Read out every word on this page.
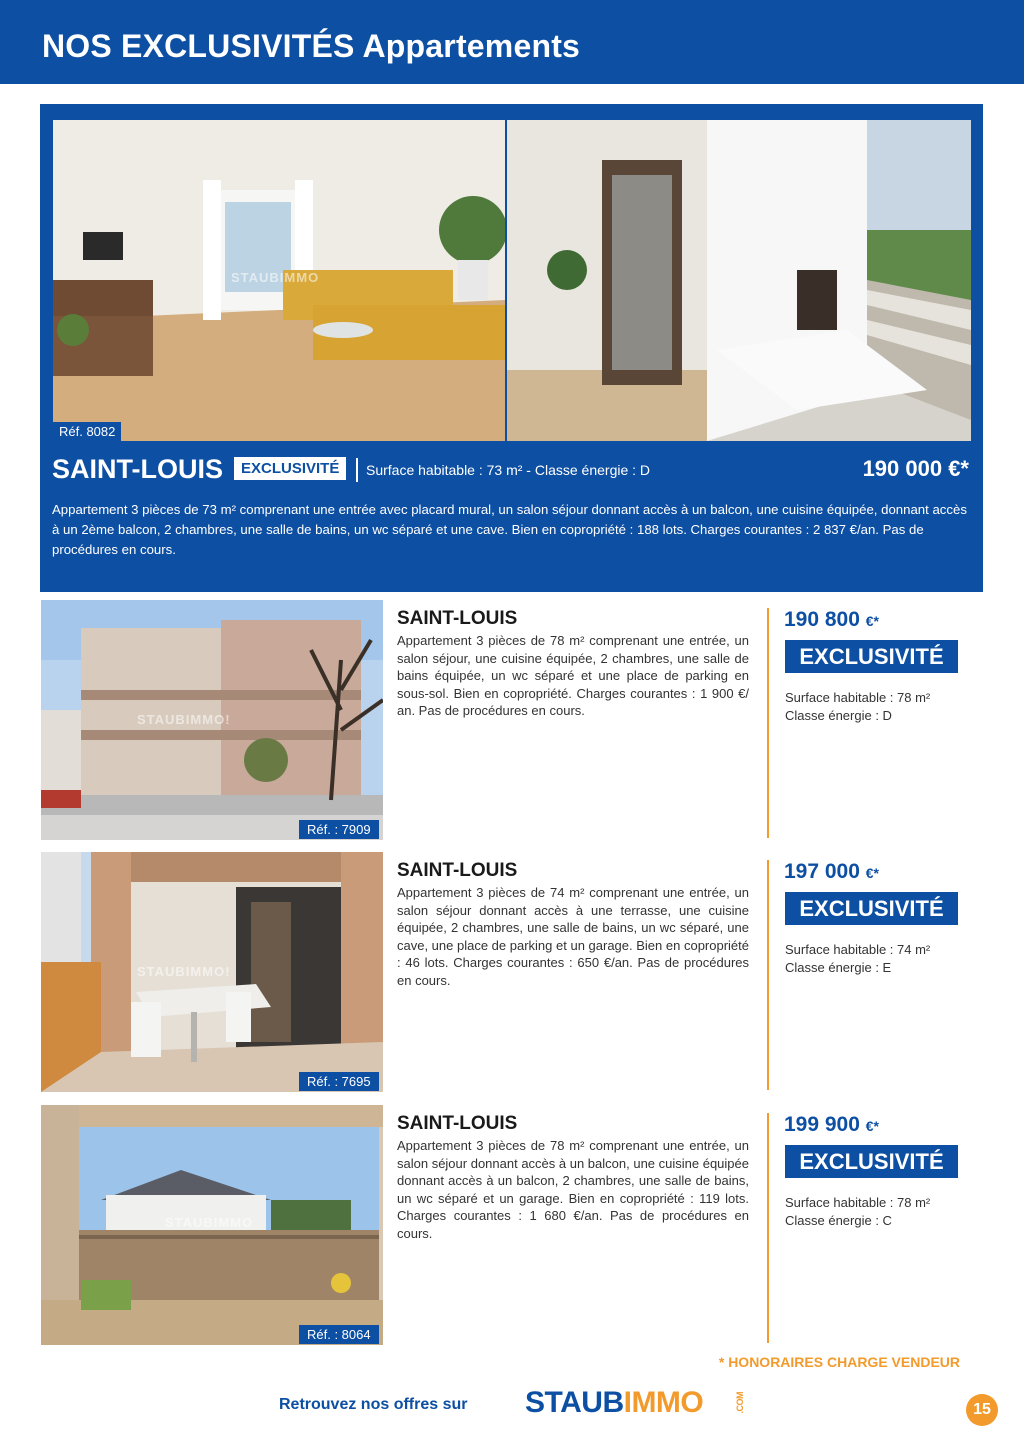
NOS EXCLUSIVITÉS Appartements
STAUBIMMO
Réf. 8082
SAINT-LOUIS	EXCLUSIVITÉ	Surface habitable : 73 m² - Classe énergie : D	190 000 €*
Appartement 3 pièces de 73 m² comprenant une entrée avec placard mural, un salon séjour donnant accès à un balcon, une cuisine équipée, donnant accès à un 2ème balcon, 2 chambres, une salle de bains, un wc séparé et une cave. Bien en copropriété : 188 lots. Charges courantes : 2 837 €/an. Pas de procédures en cours.
STAUBIMMO!
Réf. : 7909
SAINT-LOUIS
Appartement 3 pièces de 78 m² comprenant une entrée, un salon séjour, une cuisine équipée, 2 chambres, une salle de bains équipée, un wc séparé et une place de parking en sous-sol. Bien en copropriété. Charges courantes : 1 900 €/ an. Pas de procédures en cours.
190 800 €*
EXCLUSIVITÉ
Surface habitable : 78 m²
Classe énergie : D
STAUBIMMO!
Réf. : 7695
SAINT-LOUIS
Appartement 3 pièces de 74 m² comprenant une entrée, un salon séjour donnant accès à une terrasse, une cuisine équipée, 2 chambres, une salle de bains, un wc séparé, une cave, une place de parking et un garage. Bien en copropriété : 46 lots. Charges courantes : 650 €/an. Pas de procédures en cours.
197 000 €*
EXCLUSIVITÉ
Surface habitable : 74 m²
Classe énergie : E
STAUBIMMO
Réf. : 8064
SAINT-LOUIS
Appartement 3 pièces de 78 m² comprenant une entrée, un salon séjour donnant accès à un balcon, une cuisine équipée donnant accès à un balcon, 2 chambres, une salle de bains, un wc séparé et un garage. Bien en copropriété : 119 lots. Charges courantes : 1 680 €/an. Pas de procédures en cours.
199 900 €*
EXCLUSIVITÉ
Surface habitable : 78 m²
Classe énergie : C
* HONORAIRES CHARGE VENDEUR
Retrouvez nos offres sur STAUBIMMO	.COM	15
